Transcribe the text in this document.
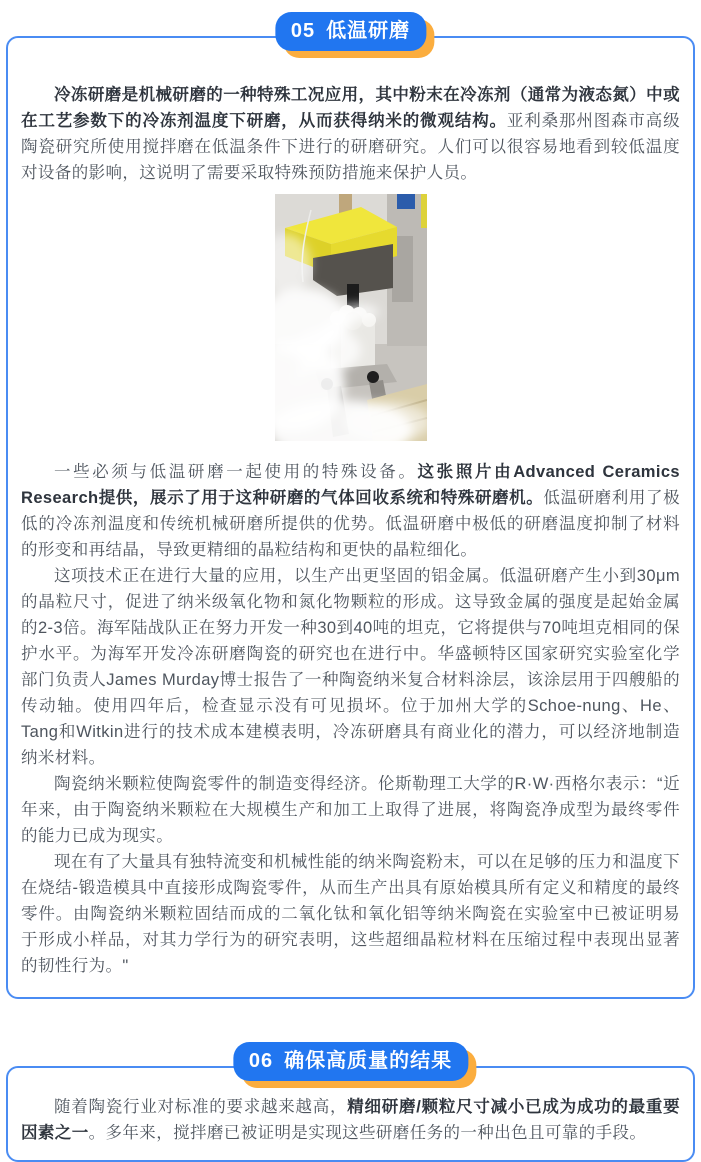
05 低温研磨

冷冻研磨是机械研磨的一种特殊工况应用，其中粉末在冷冻剂（通常为液态氮）中或在工艺参数下的冷冻剂温度下研磨，从而获得纳米的微观结构。亚利桑那州图森市高级陶瓷研究所使用搅拌磨在低温条件下进行的研磨研究。人们可以很容易地看到较低温度对设备的影响，这说明了需要采取特殊预防措施来保护人员。

一些必须与低温研磨一起使用的特殊设备。这张照片由Advanced Ceramics Research提供，展示了用于这种研磨的气体回收系统和特殊研磨机。低温研磨利用了极低的冷冻剂温度和传统机械研磨所提供的优势。低温研磨中极低的研磨温度抑制了材料的形变和再结晶，导致更精细的晶粒结构和更快的晶粒细化。

这项技术正在进行大量的应用，以生产出更坚固的铝金属。低温研磨产生小到30μm的晶粒尺寸，促进了纳米级氧化物和氮化物颗粒的形成。这导致金属的强度是起始金属的2-3倍。海军陆战队正在努力开发一种30到40吨的坦克，它将提供与70吨坦克相同的保护水平。为海军开发冷冻研磨陶瓷的研究也在进行中。华盛顿特区国家研究实验室化学部门负责人James Murday博士报告了一种陶瓷纳米复合材料涂层，该涂层用于四艘船的传动轴。使用四年后，检查显示没有可见损坏。位于加州大学的Schoe-nung、He、Tang和Witkin进行的技术成本建模表明，冷冻研磨具有商业化的潜力，可以经济地制造纳米材料。

陶瓷纳米颗粒使陶瓷零件的制造变得经济。伦斯勒理工大学的R·W·西格尔表示：“近年来，由于陶瓷纳米颗粒在大规模生产和加工上取得了进展，将陶瓷净成型为最终零件的能力已成为现实。

现在有了大量具有独特流变和机械性能的纳米陶瓷粉末，可以在足够的压力和温度下在烧结-锻造模具中直接形成陶瓷零件，从而生产出具有原始模具所有定义和精度的最终零件。由陶瓷纳米颗粒固结而成的二氧化钛和氧化铝等纳米陶瓷在实验室中已被证明易于形成小样品，对其力学行为的研究表明，这些超细晶粒材料在压缩过程中表现出显著的韧性行为。"

06 确保高质量的结果

随着陶瓷行业对标准的要求越来越高，精细研磨/颗粒尺寸减小已成为成功的最重要因素之一。多年来，搅拌磨已被证明是实现这些研磨任务的一种出色且可靠的手段。
